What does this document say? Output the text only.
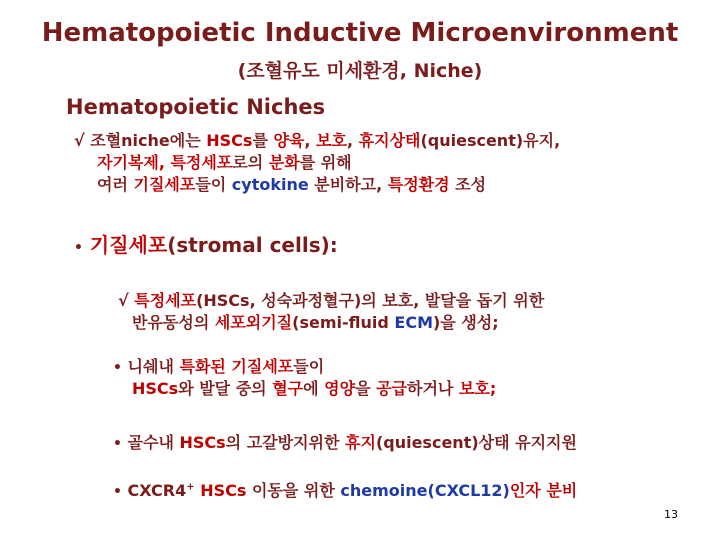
Hematopoietic Inductive Microenvironment
(조혈유도 미세환경, Niche)
Hematopoietic Niches
√ 조혈niche에는 HSCs를 양육, 보호, 휴지상태(quiescent)유지,
자기복제, 특정세포로의 분화를 위해
여러 기질세포들이 cytokine 분비하고, 특정환경 조성
• 기질세포(stromal cells):
√ 특정세포(HSCs, 성숙과정혈구)의 보호, 발달을 돕기 위한
반유동성의 세포외기질(semi-fluid ECM)을 생성;
• 니쉐내 특화된 기질세포들이
HSCs와 발달 중의 혈구에 영양을 공급하거나 보호;
• 골수내 HSCs의 고갈방지위한 휴지(quiescent)상태 유지지원
• CXCR4+ HSCs 이동을 위한 chemoine(CXCL12)인자 분비
13
